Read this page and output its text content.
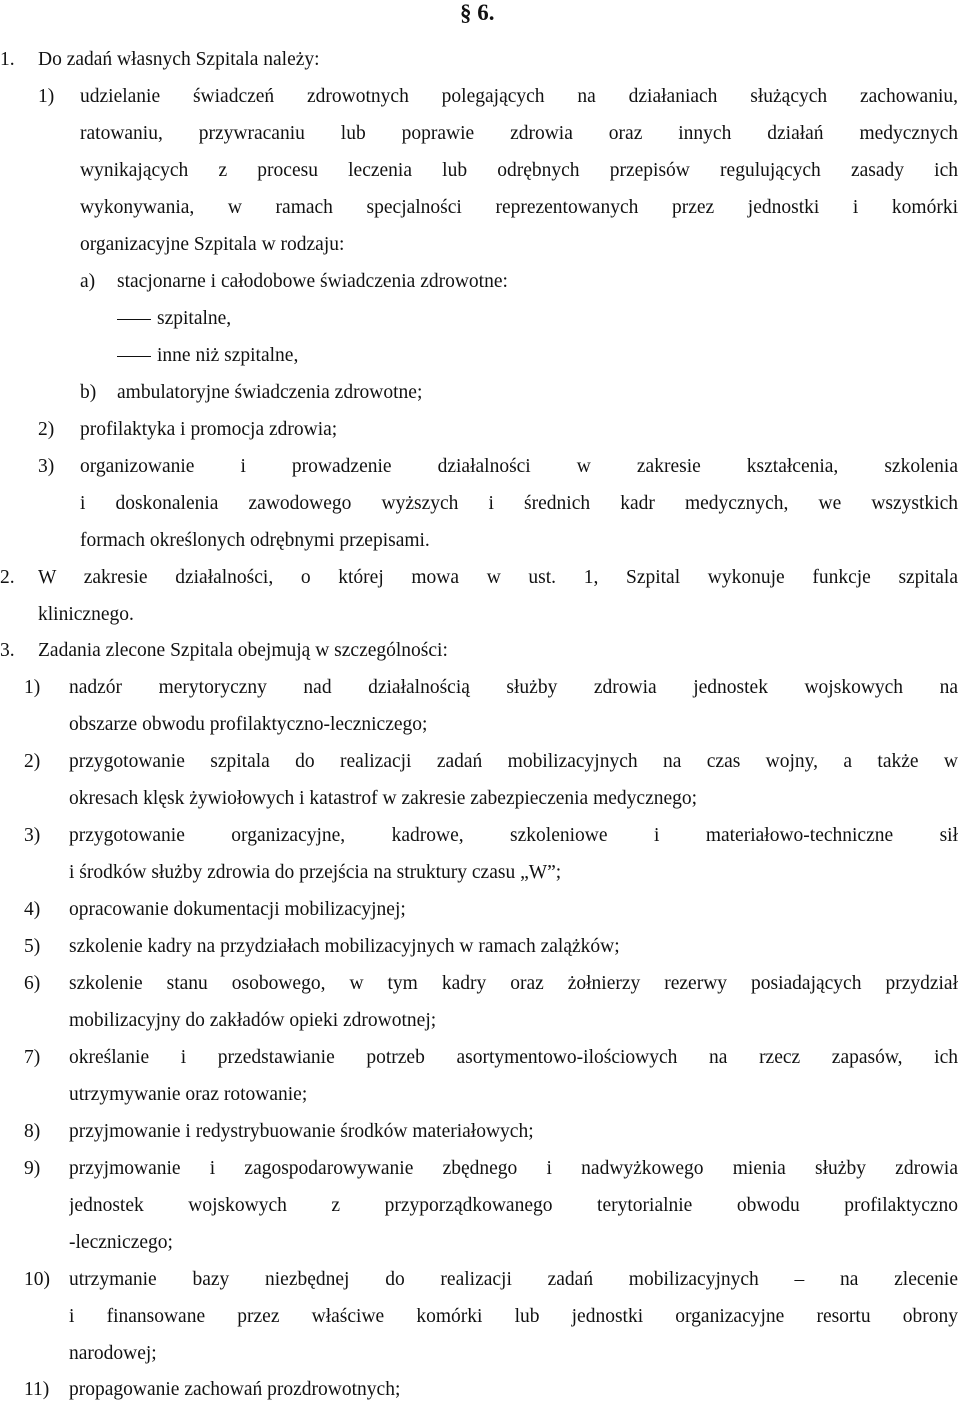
§ 6.
1. Do zadań własnych Szpitala należy:
1) udzielanie świadczeń zdrowotnych polegających na działaniach służących zachowaniu,
ratowaniu, przywracaniu lub poprawie zdrowia oraz innych działań medycznych
wynikających z procesu leczenia lub odrębnych przepisów regulujących zasady ich
wykonywania, w ramach specjalności reprezentowanych przez jednostki i komórki
organizacyjne Szpitala w rodzaju:
a) stacjonarne i całodobowe świadczenia zdrowotne:
szpitalne,
inne niż szpitalne,
b) ambulatoryjne świadczenia zdrowotne;
2) profilaktyka i promocja zdrowia;
3) organizowanie i prowadzenie działalności w zakresie kształcenia, szkolenia
i doskonalenia zawodowego wyższych i średnich kadr medycznych, we wszystkich
formach określonych odrębnymi przepisami.
2. W zakresie działalności, o której mowa w ust. 1, Szpital wykonuje funkcje szpitala
klinicznego.
3. Zadania zlecone Szpitala obejmują w szczególności:
1) nadzór merytoryczny nad działalnością służby zdrowia jednostek wojskowych na
obszarze obwodu profilaktyczno-leczniczego;
2) przygotowanie szpitala do realizacji zadań mobilizacyjnych na czas wojny, a także w
okresach klęsk żywiołowych i katastrof w zakresie zabezpieczenia medycznego;
3) przygotowanie organizacyjne, kadrowe, szkoleniowe i materiałowo-techniczne sił
i środków służby zdrowia do przejścia na struktury czasu „W”;
4) opracowanie dokumentacji mobilizacyjnej;
5) szkolenie kadry na przydziałach mobilizacyjnych w ramach zalążków;
6) szkolenie stanu osobowego, w tym kadry oraz żołnierzy rezerwy posiadających przydział
mobilizacyjny do zakładów opieki zdrowotnej;
7) określanie i przedstawianie potrzeb asortymentowo-ilościowych na rzecz zapasów, ich
utrzymywanie oraz rotowanie;
8) przyjmowanie i redystrybuowanie środków materiałowych;
9) przyjmowanie i zagospodarowywanie zbędnego i nadwyżkowego mienia służby zdrowia
jednostek wojskowych z przyporządkowanego terytorialnie obwodu profilaktyczno
-leczniczego;
10) utrzymanie bazy niezbędnej do realizacji zadań mobilizacyjnych – na zlecenie
i finansowane przez właściwe komórki lub jednostki organizacyjne resortu obrony
narodowej;
11) propagowanie zachowań prozdrowotnych;
